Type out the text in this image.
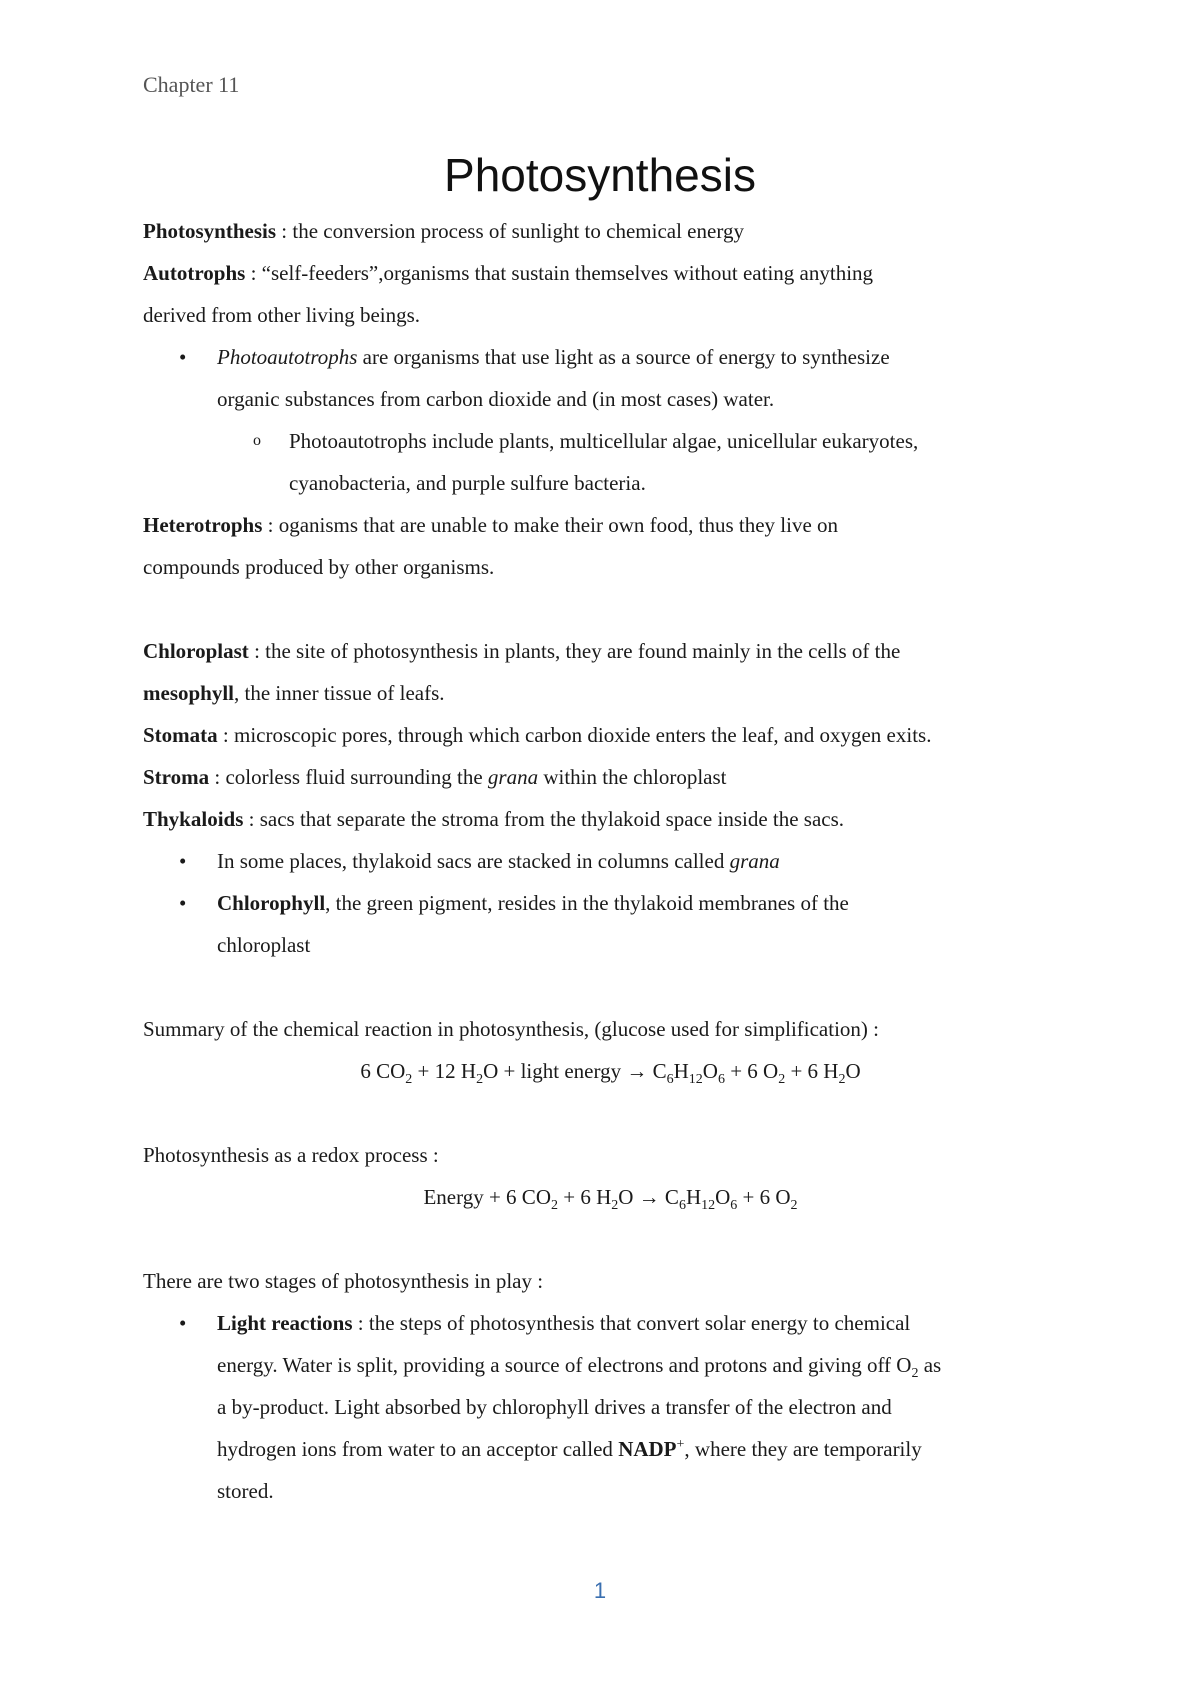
Chapter 11
Photosynthesis
Photosynthesis : the conversion process of sunlight to chemical energy
Autotrophs : “self-feeders”,organisms that sustain themselves without eating anything
derived from other living beings.
• Photoautotrophs are organisms that use light as a source of energy to synthesize
organic substances from carbon dioxide and (in most cases) water.
o Photoautotrophs include plants, multicellular algae, unicellular eukaryotes,
cyanobacteria, and purple sulfure bacteria.
Heterotrophs : oganisms that are unable to make their own food, thus they live on
compounds produced by other organisms.
Chloroplast : the site of photosynthesis in plants, they are found mainly in the cells of the
mesophyll, the inner tissue of leafs.
Stomata : microscopic pores, through which carbon dioxide enters the leaf, and oxygen exits.
Stroma : colorless fluid surrounding the grana within the chloroplast
Thykaloids : sacs that separate the stroma from the thylakoid space inside the sacs.
• In some places, thylakoid sacs are stacked in columns called grana
• Chlorophyll, the green pigment, resides in the thylakoid membranes of the
chloroplast
Summary of the chemical reaction in photosynthesis, (glucose used for simplification) :
6 $CO_2 + 12$ $H_2O$ + light energy → $C_6H_{12}O_6 + 6$ $O_2 + 6$ $H_2O$
Photosynthesis as a redox process :
Energy + 6 $CO_2 + 6$ $H_2O \to C_6H_{12}O_6 + 6$ $O_2$
There are two stages of photosynthesis in play :
• Light reactions : the steps of photosynthesis that convert solar energy to chemical
energy. Water is split, providing a source of electrons and protons and giving off $O_2$ as
a by-product. Light absorbed by chlorophyll drives a transfer of the electron and
hydrogen ions from water to an acceptor called NADP+, where they are temporarily
stored.
1
